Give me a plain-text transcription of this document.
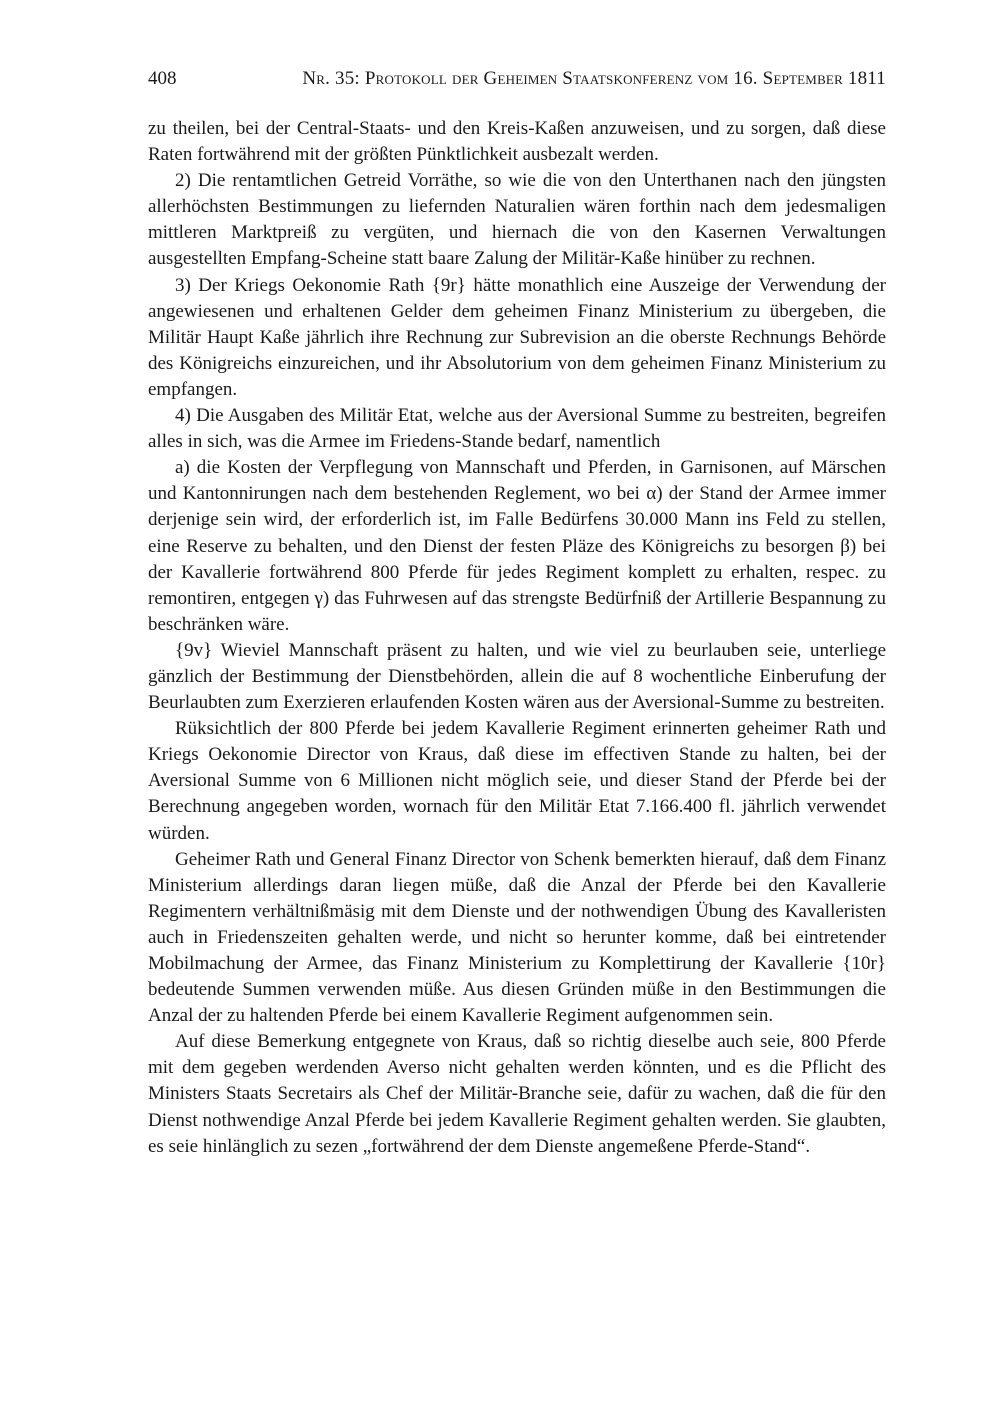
408	Nr. 35: Protokoll der Geheimen Staatskonferenz vom 16. September 1811

zu theilen, bei der Central-Staats- und den Kreis-Kaßen anzuweisen, und zu sorgen, daß diese Raten fortwährend mit der größten Pünktlichkeit ausbezalt werden.

2) Die rentamtlichen Getreid Vorräthe, so wie die von den Unterthanen nach den jüngsten allerhöchsten Bestimmungen zu liefernden Naturalien wären forthin nach dem jedesmaligen mittleren Marktpreiß zu vergüten, und hiernach die von den Kasernen Verwaltungen ausgestellten Empfang-Scheine statt baare Zalung der Militär-Kaße hinüber zu rechnen.

3) Der Kriegs Oekonomie Rath {9r} hätte monathlich eine Auszeige der Verwendung der angewiesenen und erhaltenen Gelder dem geheimen Finanz Ministerium zu übergeben, die Militär Haupt Kaße jährlich ihre Rechnung zur Subrevision an die oberste Rechnungs Behörde des Königreichs einzureichen, und ihr Absolutorium von dem geheimen Finanz Ministerium zu empfangen.

4) Die Ausgaben des Militär Etat, welche aus der Aversional Summe zu bestreiten, begreifen alles in sich, was die Armee im Friedens-Stande bedarf, namentlich

a) die Kosten der Verpflegung von Mannschaft und Pferden, in Garnisonen, auf Märschen und Kantonnirungen nach dem bestehenden Reglement, wo bei α) der Stand der Armee immer derjenige sein wird, der erforderlich ist, im Falle Bedürfens 30.000 Mann ins Feld zu stellen, eine Reserve zu behalten, und den Dienst der festen Pläze des Königreichs zu besorgen β) bei der Kavallerie fortwährend 800 Pferde für jedes Regiment komplett zu erhalten, respec. zu remontiren, entgegen γ) das Fuhrwesen auf das strengste Bedürfniß der Artillerie Bespannung zu beschränken wäre.

{9v} Wieviel Mannschaft präsent zu halten, und wie viel zu beurlauben seie, unterliege gänzlich der Bestimmung der Dienstbehörden, allein die auf 8 wochentliche Einberufung der Beurlaubten zum Exerzieren erlaufenden Kosten wären aus der Aversional-Summe zu bestreiten.

Rüksichtlich der 800 Pferde bei jedem Kavallerie Regiment erinnerten geheimer Rath und Kriegs Oekonomie Director von Kraus, daß diese im effectiven Stande zu halten, bei der Aversional Summe von 6 Millionen nicht möglich seie, und dieser Stand der Pferde bei der Berechnung angegeben worden, wornach für den Militär Etat 7.166.400 fl. jährlich verwendet würden.

Geheimer Rath und General Finanz Director von Schenk bemerkten hierauf, daß dem Finanz Ministerium allerdings daran liegen müße, daß die Anzal der Pferde bei den Kavallerie Regimentern verhältnißmäsig mit dem Dienste und der nothwendigen Übung des Kavalleristen auch in Friedenszeiten gehalten werde, und nicht so herunter komme, daß bei eintretender Mobilmachung der Armee, das Finanz Ministerium zu Komplettirung der Kavallerie {10r} bedeutende Summen verwenden müße. Aus diesen Gründen müße in den Bestimmungen die Anzal der zu haltenden Pferde bei einem Kavallerie Regiment aufgenommen sein.

Auf diese Bemerkung entgegnete von Kraus, daß so richtig dieselbe auch seie, 800 Pferde mit dem gegeben werdenden Averso nicht gehalten werden könnten, und es die Pflicht des Ministers Staats Secretairs als Chef der Militär-Branche seie, dafür zu wachen, daß die für den Dienst nothwendige Anzal Pferde bei jedem Kavallerie Regiment gehalten werden. Sie glaubten, es seie hinlänglich zu sezen „fortwährend der dem Dienste angemeßene Pferde-Stand“.
